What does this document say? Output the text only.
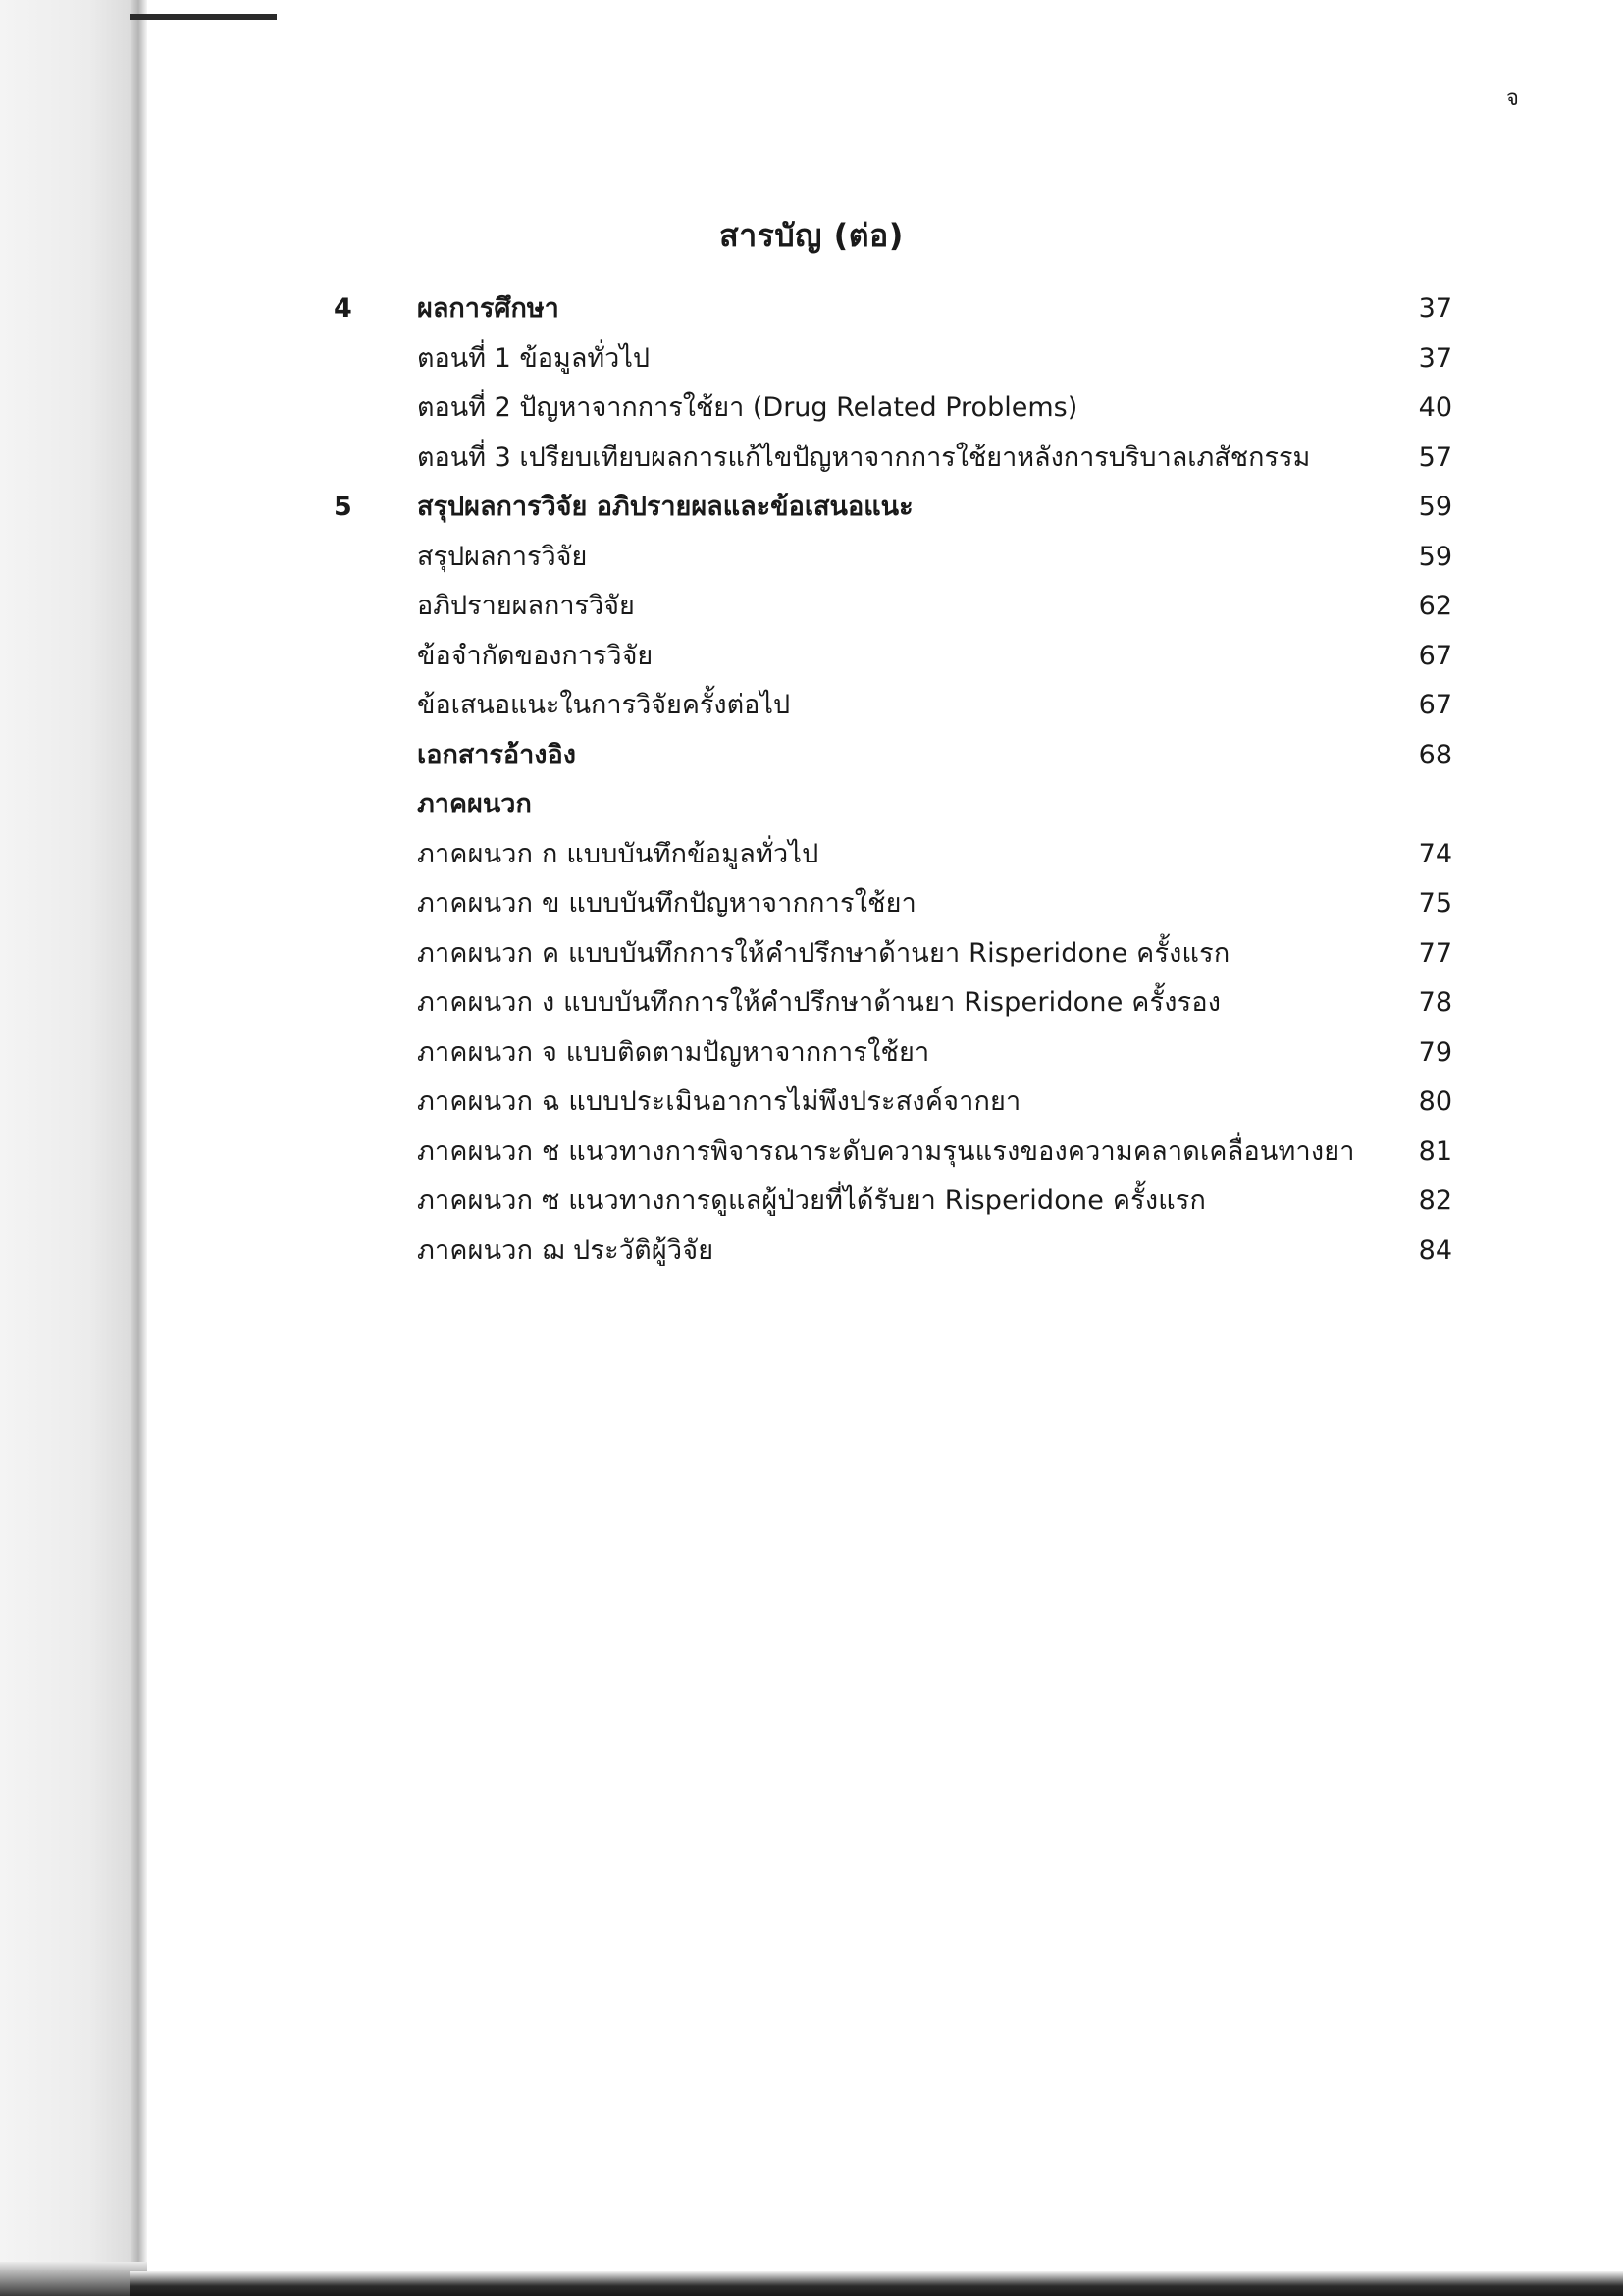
จ
สารบัญ (ต่อ)
4 ผลการศึกษา	37
ตอนที่ 1 ข้อมูลทั่วไป	37
ตอนที่ 2 ปัญหาจากการใช้ยา (Drug Related Problems)	40
ตอนที่ 3 เปรียบเทียบผลการแก้ไขปัญหาจากการใช้ยาหลังการบริบาลเภสัชกรรม	57
5 สรุปผลการวิจัย อภิปรายผลและข้อเสนอแนะ	59
สรุปผลการวิจัย	59
อภิปรายผลการวิจัย	62
ข้อจำกัดของการวิจัย	67
ข้อเสนอแนะในการวิจัยครั้งต่อไป	67
เอกสารอ้างอิง	68
ภาคผนวก
ภาคผนวก ก แบบบันทึกข้อมูลทั่วไป	74
ภาคผนวก ข แบบบันทึกปัญหาจากการใช้ยา	75
ภาคผนวก ค แบบบันทึกการให้คำปรึกษาด้านยา Risperidone ครั้งแรก	77
ภาคผนวก ง แบบบันทึกการให้คำปรึกษาด้านยา Risperidone ครั้งรอง	78
ภาคผนวก จ แบบติดตามปัญหาจากการใช้ยา	79
ภาคผนวก ฉ แบบประเมินอาการไม่พึงประสงค์จากยา	80
ภาคผนวก ช แนวทางการพิจารณาระดับความรุนแรงของความคลาดเคลื่อนทางยา	81
ภาคผนวก ซ แนวทางการดูแลผู้ป่วยที่ได้รับยา Risperidone ครั้งแรก	82
ภาคผนวก ฌ ประวัติผู้วิจัย	84
